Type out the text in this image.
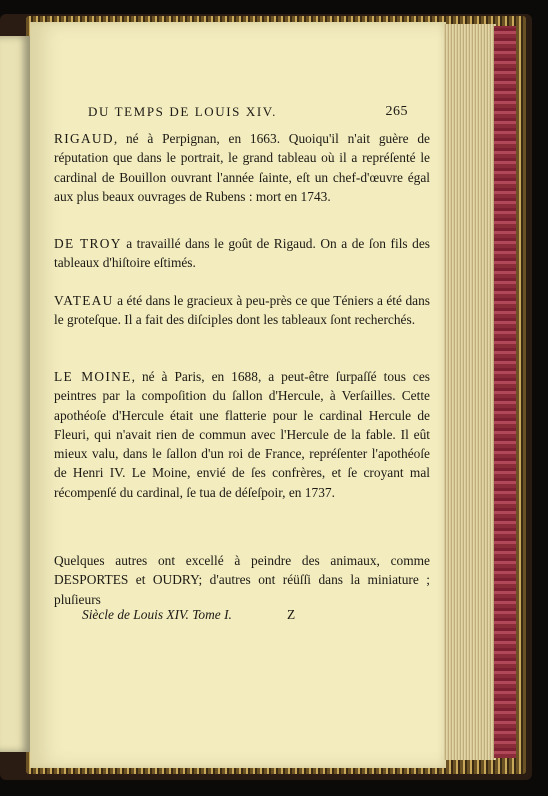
DU TEMPS DE LOUIS XIV.	265
RIGAUD, né à Perpignan, en 1663. Quoiqu'il n'ait guère de réputation que dans le portrait, le grand tableau où il a repréſenté le cardinal de Bouillon ouvrant l'année ſainte, eſt un chef-d'œuvre égal aux plus beaux ouvrages de Rubens : mort en 1743.
DE TROY a travaillé dans le goût de Rigaud. On a de ſon fils des tableaux d'hiſtoire eſtimés.
VATEAU a été dans le gracieux à peu-près ce que Téniers a été dans le groteſque. Il a fait des diſciples dont les tableaux ſont recherchés.
LE MOINE, né à Paris, en 1688, a peut-être ſurpaſſé tous ces peintres par la compoſition du ſallon d'Hercule, à Verſailles. Cette apothéoſe d'Hercule était une flatterie pour le cardinal Hercule de Fleuri, qui n'avait rien de commun avec l'Hercule de la fable. Il eût mieux valu, dans le ſallon d'un roi de France, repréſenter l'apothéoſe de Henri IV. Le Moine, envié de ſes confrères, et ſe croyant mal récompenſé du cardinal, ſe tua de déſeſpoir, en 1737.
Quelques autres ont excellé à peindre des animaux, comme DESPORTES et OUDRY; d'autres ont réüſſi dans la miniature ; pluſieurs
Siècle de Louis XIV. Tome I.	Z
